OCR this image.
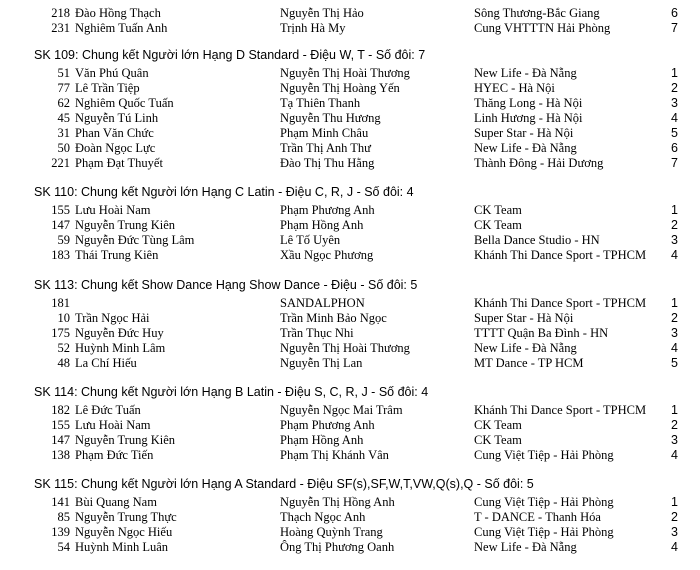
218 Đào Hồng Thạch	Nguyễn Thị Hảo	Sông Thương-Bắc Giang	6
231 Nghiêm Tuấn Anh	Trịnh Hà My	Cung VHTTTN Hải Phòng	7
SK 109: Chung kết Người lớn Hạng D Standard - Điệu W, T - Số đôi: 7
51 Văn Phú Quân	Nguyễn Thị Hoài Thương	New Life - Đà Nẵng	1
77 Lê Trần Tiệp	Nguyễn Thị Hoàng Yến	HYEC - Hà Nội	2
62 Nghiêm Quốc Tuấn	Tạ Thiên Thanh	Thăng Long - Hà Nội	3
45 Nguyễn Tú Linh	Nguyễn Thu Hương	Linh Hương - Hà Nội	4
31 Phan Văn Chức	Phạm Minh Châu	Super Star - Hà Nội	5
50 Đoàn Ngọc Lực	Trần Thị Anh Thư	New Life - Đà Nẵng	6
221 Phạm Đạt Thuyết	Đào Thị Thu Hằng	Thành Đông - Hải Dương	7
SK 110: Chung kết Người lớn Hạng C Latin - Điệu C, R, J - Số đôi: 4
155 Lưu Hoài Nam	Phạm Phương Anh	CK Team	1
147 Nguyễn Trung Kiên	Phạm Hồng Anh	CK Team	2
59 Nguyễn Đức Tùng Lâm	Lê Tố Uyên	Bella Dance Studio - HN	3
183 Thái Trung Kiên	Xầu Ngọc Phương	Khánh Thi Dance Sport - TPHCM	4
SK 113: Chung kết Show Dance Hạng Show Dance - Điệu - Số đôi: 5
181	SANDALPHON	Khánh Thi Dance Sport - TPHCM	1
10 Trần Ngọc Hải	Trần Minh Bảo Ngọc	Super Star - Hà Nội	2
175 Nguyễn Đức Huy	Trần Thục Nhi	TTTT Quận Ba Đình - HN	3
52 Huỳnh Minh Lâm	Nguyễn Thị Hoài Thương	New Life - Đà Nẵng	4
48 La Chí Hiếu	Nguyễn Thị Lan	MT Dance - TP HCM	5
SK 114: Chung kết Người lớn Hạng B Latin - Điệu S, C, R, J - Số đôi: 4
182 Lê Đức Tuấn	Nguyễn Ngọc Mai Trâm	Khánh Thi Dance Sport - TPHCM	1
155 Lưu Hoài Nam	Phạm Phương Anh	CK Team	2
147 Nguyễn Trung Kiên	Phạm Hồng Anh	CK Team	3
138 Phạm Đức Tiến	Phạm Thị Khánh Vân	Cung Việt Tiệp - Hải Phòng	4
SK 115: Chung kết Người lớn Hạng A Standard - Điệu SF(s),SF,W,T,VW,Q(s),Q - Số đôi: 5
141 Bùi Quang Nam	Nguyễn Thị Hồng Anh	Cung Việt Tiệp - Hải Phòng	1
85 Nguyễn Trung Thực	Thạch Ngọc Anh	T - DANCE - Thanh Hóa	2
139 Nguyễn Ngọc Hiếu	Hoàng Quỳnh Trang	Cung Việt Tiệp - Hải Phòng	3
54 Huỳnh Minh Luân	Ông Thị Phương Oanh	New Life - Đà Nẵng	4
